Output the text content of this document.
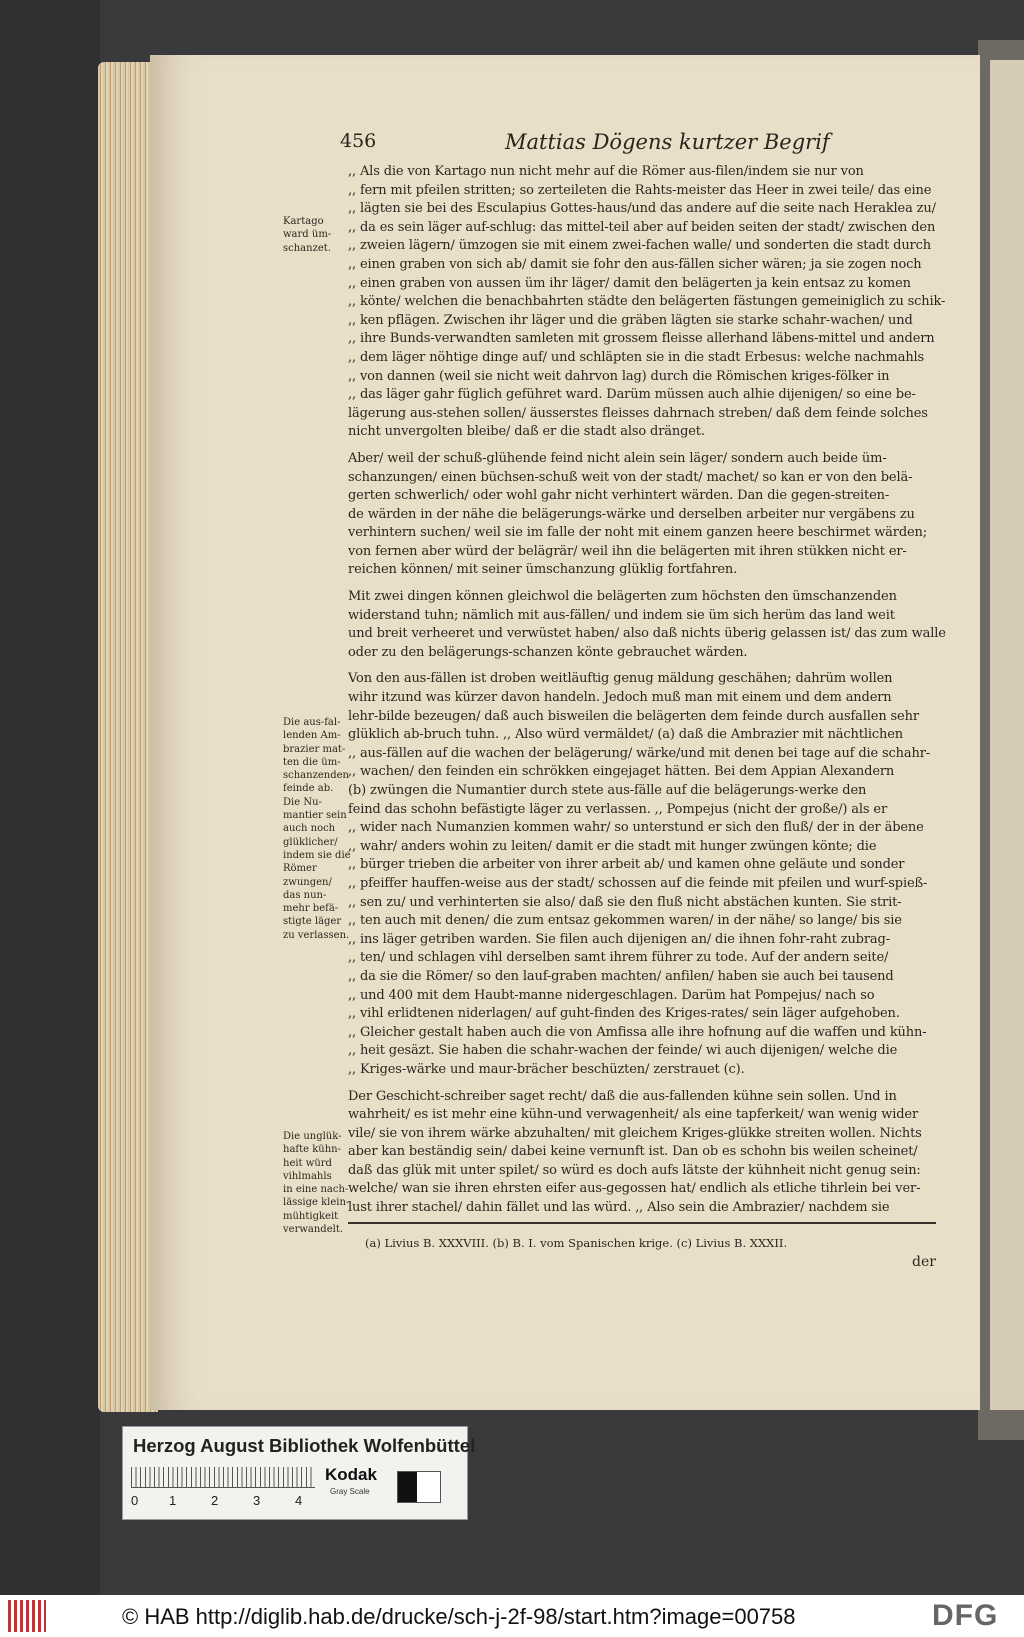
456	Mattias Dögens kurtzer Begrif
,, Als die von Kartago nun nicht mehr auf die Römer aus-filen/indem sie nur von
,, fern mit pfeilen stritten; so zerteileten die Rahts-meister das Heer in zwei teile/ das eine
,, lägten sie bei des Esculapius Gottes-haus/und das andere auf die seite nach Heraklea zu/
,, da es sein läger auf-schlug: das mittel-teil aber auf beiden seiten der stadt/ zwischen den
,, zweien lägern/ ümzogen sie mit einem zwei-fachen walle/ und sonderten die stadt durch
,, einen graben von sich ab/ damit sie fohr den aus-fällen sicher wären; ja sie zogen noch
,, einen graben von aussen üm ihr läger/ damit den belägerten ja kein entsaz zu komen
,, könte/ welchen die benachbahrten städte den belägerten fästungen gemeiniglich zu schik-
,, ken pflägen. Zwischen ihr läger und die gräben lägten sie starke schahr-wachen/ und
,, ihre Bunds-verwandten samleten mit grossem fleisse allerhand läbens-mittel und andern
,, dem läger nöhtige dinge auf/ und schläpten sie in die stadt Erbesus: welche nachmahls
,, von dannen (weil sie nicht weit dahrvon lag) durch die Römischen kriges-fölker in
,, das läger gahr füglich geführet ward. Darüm müssen auch alhie dijenigen/ so eine be-
lägerung aus-stehen sollen/ äusserstes fleisses dahrnach streben/ daß dem feinde solches
nicht unvergolten bleibe/ daß er die stadt also dränget.
Aber/ weil der schuß-glühende feind nicht alein sein läger/ sondern auch beide üm-
schanzungen/ einen büchsen-schuß weit von der stadt/ machet/ so kan er von den belä-
gerten schwerlich/ oder wohl gahr nicht verhintert wärden. Dan die gegen-streiten-
de wärden in der nähe die belägerungs-wärke und derselben arbeiter nur vergäbens zu
verhintern suchen/ weil sie im falle der noht mit einem ganzen heere beschirmet wärden;
von fernen aber würd der belägrär/ weil ihn die belägerten mit ihren stükken nicht er-
reichen können/ mit seiner ümschanzung glüklig fortfahren.
Mit zwei dingen können gleichwol die belägerten zum höchsten den ümschanzenden
widerstand tuhn; nämlich mit aus-fällen/ und indem sie üm sich herüm das land weit
und breit verheeret und verwüstet haben/ also daß nichts überig gelassen ist/ das zum walle
oder zu den belägerungs-schanzen könte gebrauchet wärden.
Von den aus-fällen ist droben weitläuftig genug mäldung geschähen; dahrüm wollen
wihr itzund was kürzer davon handeln. Jedoch muß man mit einem und dem andern
lehr-bilde bezeugen/ daß auch bisweilen die belägerten dem feinde durch ausfallen sehr
glüklich ab-bruch tuhn. ,, Also würd vermäldet/ (a) daß die Ambrazier mit nächtlichen
,, aus-fällen auf die wachen der belägerung/ wärke/und mit denen bei tage auf die schahr-
,, wachen/ den feinden ein schrökken eingejaget hätten. Bei dem Appian Alexandern
(b) zwüngen die Numantier durch stete aus-fälle auf die belägerungs-werke den
feind das schohn befästigte läger zu verlassen. ,, Pompejus (nicht der große/) als er
,, wider nach Numanzien kommen wahr/ so unterstund er sich den fluß/ der in der äbene
,, wahr/ anders wohin zu leiten/ damit er die stadt mit hunger zwüngen könte; die
,, bürger trieben die arbeiter von ihrer arbeit ab/ und kamen ohne geläute und sonder
,, pfeiffer hauffen-weise aus der stadt/ schossen auf die feinde mit pfeilen und wurf-spieß-
,, sen zu/ und verhinterten sie also/ daß sie den fluß nicht abstächen kunten. Sie strit-
,, ten auch mit denen/ die zum entsaz gekommen waren/ in der nähe/ so lange/ bis sie
,, ins läger getriben warden. Sie filen auch dijenigen an/ die ihnen fohr-raht zubrag-
,, ten/ und schlagen vihl derselben samt ihrem führer zu tode. Auf der andern seite/
,, da sie die Römer/ so den lauf-graben machten/ anfilen/ haben sie auch bei tausend
,, und 400 mit dem Haubt-manne nidergeschlagen. Darüm hat Pompejus/ nach so
,, vihl erlidtenen niderlagen/ auf guht-finden des Kriges-rates/ sein läger aufgehoben.
,, Gleicher gestalt haben auch die von Amfissa alle ihre hofnung auf die waffen und kühn-
,, heit gesäzt. Sie haben die schahr-wachen der feinde/ wi auch dijenigen/ welche die
,, Kriges-wärke und maur-brächer beschüzten/ zerstrauet (c).
Der Geschicht-schreiber saget recht/ daß die aus-fallenden kühne sein sollen. Und in
wahrheit/ es ist mehr eine kühn-und verwagenheit/ als eine tapferkeit/ wan wenig wider
vile/ sie von ihrem wärke abzuhalten/ mit gleichem Kriges-glükke streiten wollen. Nichts
aber kan beständig sein/ dabei keine vernunft ist. Dan ob es schohn bis weilen scheinet/
daß das glük mit unter spilet/ so würd es doch aufs lätste der kühnheit nicht genug sein:
welche/ wan sie ihren ehrsten eifer aus-gegossen hat/ endlich als etliche tihrlein bei ver-
lust ihrer stachel/ dahin fället und las würd. ,, Also sein die Ambrazier/ nachdem sie
Kartago
ward üm-
schanzet.
Die aus-fal-
lenden Am-
brazier mat-
ten die üm-
schanzenden
feinde ab.
Die Nu-
mantier sein
auch noch
glüklicher/
indem sie die
Römer
zwungen/
das nun-
mehr befä-
stigte läger
zu verlassen.
Die unglük-
hafte kühn-
heit würd
vihlmahls
in eine nach-
lässige klein-
mühtigkeit
verwandelt.
(a) Livius B. XXXVIII. (b) B. I. vom Spanischen krige. (c) Livius B. XXXII.
der
Herzog August Bibliothek Wolfenbüttel
0 1	2	3	4
Kodak
Gray Scale
© HAB http://diglib.hab.de/drucke/sch-j-2f-98/start.htm?image=00758	DFG
